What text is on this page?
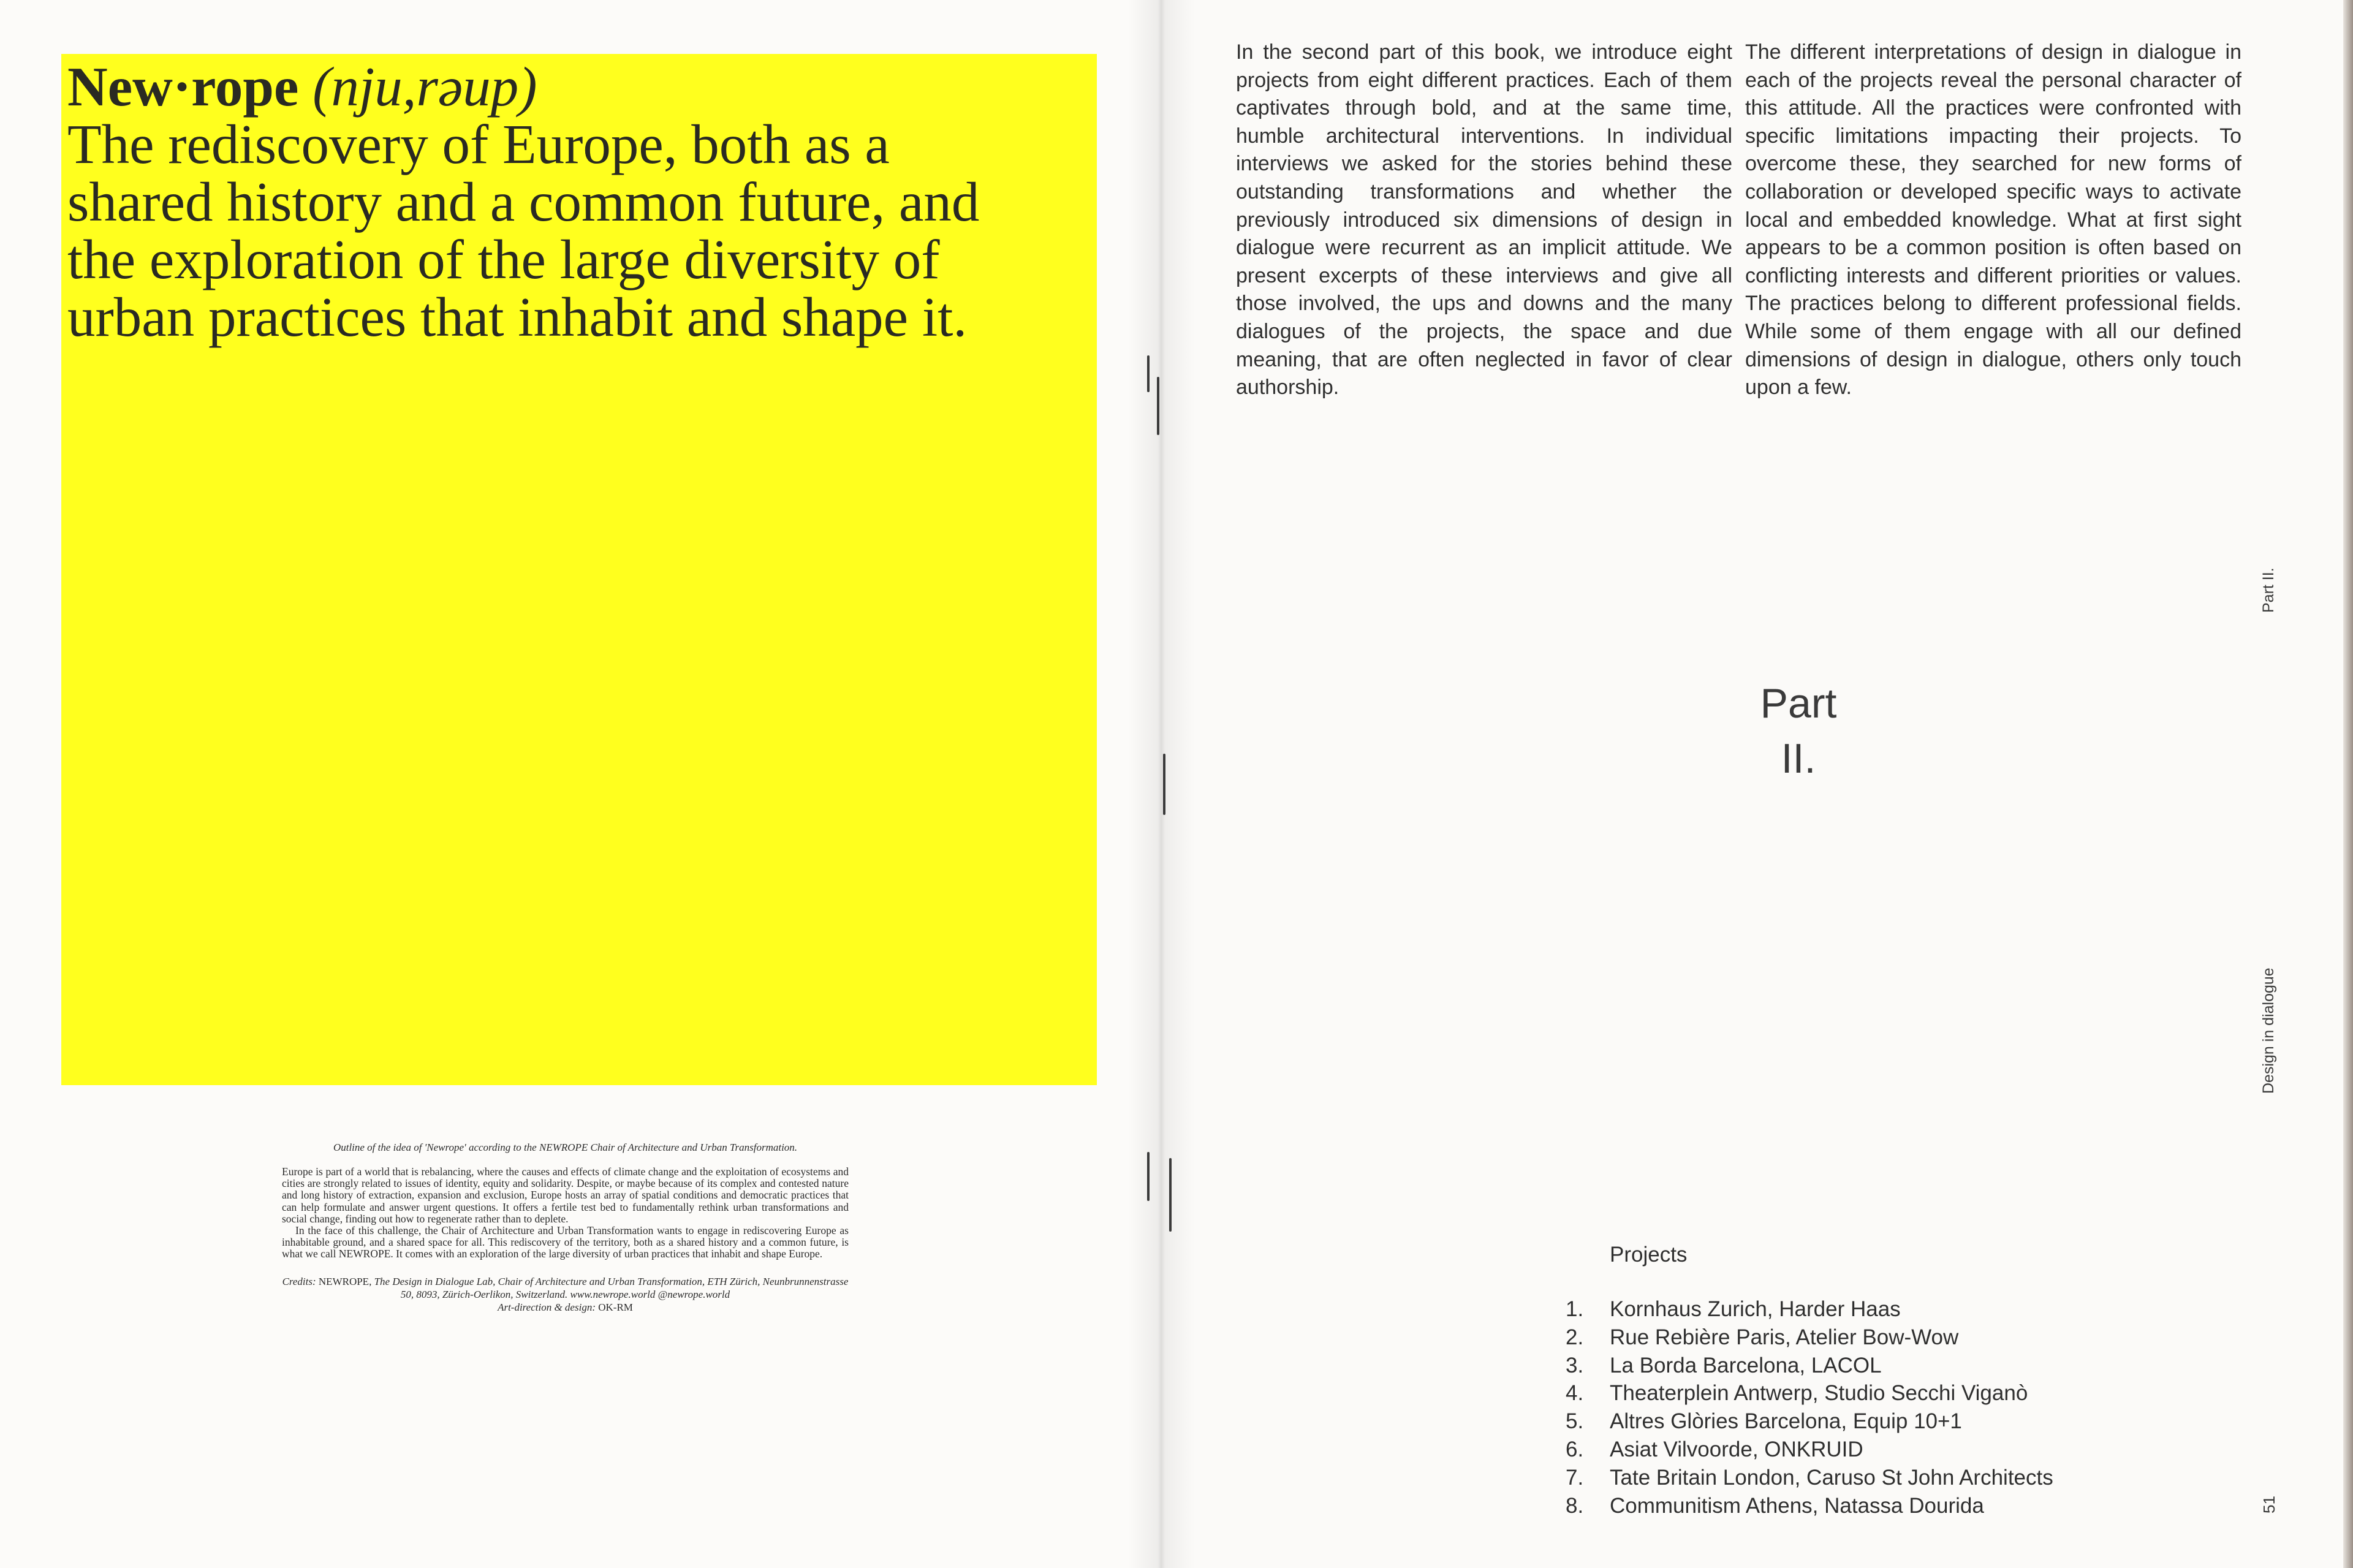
New·rope (nju,rəup)
The rediscovery of Europe, both as a shared history and a common future, and the exploration of the large diversity of urban practices that inhabit and shape it.

Outline of the idea of 'Newrope' according to the NEWROPE Chair of Architecture and Urban Transformation.

Europe is part of a world that is rebalancing, where the causes and effects of climate change and the exploitation of ecosystems and cities are strongly related to issues of identity, equity and solidarity. Despite, or maybe because of its complex and contested nature and long history of extraction, expansion and exclusion, Europe hosts an array of spatial conditions and democratic practices that can help formulate and answer urgent questions. It offers a fertile test bed to fundamentally rethink urban transformations and social change, finding out how to regenerate rather than to deplete.

In the face of this challenge, the Chair of Architecture and Urban Transformation wants to engage in rediscovering Europe as inhabitable ground, and a shared space for all. This rediscovery of the territory, both as a shared history and a common future, is what we call NEWROPE. It comes with an exploration of the large diversity of urban practices that inhabit and shape Europe.

Credits: NEWROPE, The Design in Dialogue Lab, Chair of Architecture and Urban Transformation, ETH Zürich, Neunbrunnenstrasse 50, 8093, Zürich-Oerlikon, Switzerland. www.newrope.world @newrope.world
Art-direction & design: OK-RM

In the second part of this book, we introduce eight projects from eight different practices. Each of them captivates through bold, and at the same time, humble architectural interventions. In individual interviews we asked for the stories behind these outstanding transformations and whether the previously introduced six dimensions of design in dialogue were recurrent as an implicit attitude. We present excerpts of these interviews and give all those involved, the ups and downs and the many dialogues of the projects, the space and due meaning, that are often neglected in favor of clear authorship.

The different interpretations of design in dialogue in each of the projects reveal the personal character of this attitude. All the practices were confronted with specific limitations impacting their projects. To overcome these, they searched for new forms of collaboration or developed specific ways to activate local and embedded knowledge. What at first sight appears to be a common position is often based on conflicting interests and different priorities or values. The practices belong to different professional fields. While some of them engage with all our defined dimensions of design in dialogue, others only touch upon a few.

Part
II.
Part II.
Design in dialogue

Projects

1.	Kornhaus Zurich, Harder Haas
2.	Rue Rebière Paris, Atelier Bow-Wow
3.	La Borda Barcelona, LACOL
4.	Theaterplein Antwerp, Studio Secchi Viganò
5.	Altres Glòries Barcelona, Equip 10+1
6.	Asiat Vilvoorde, ONKRUID
7.	Tate Britain London, Caruso St John Architects
8.	Communitism Athens, Natassa Dourida	51
